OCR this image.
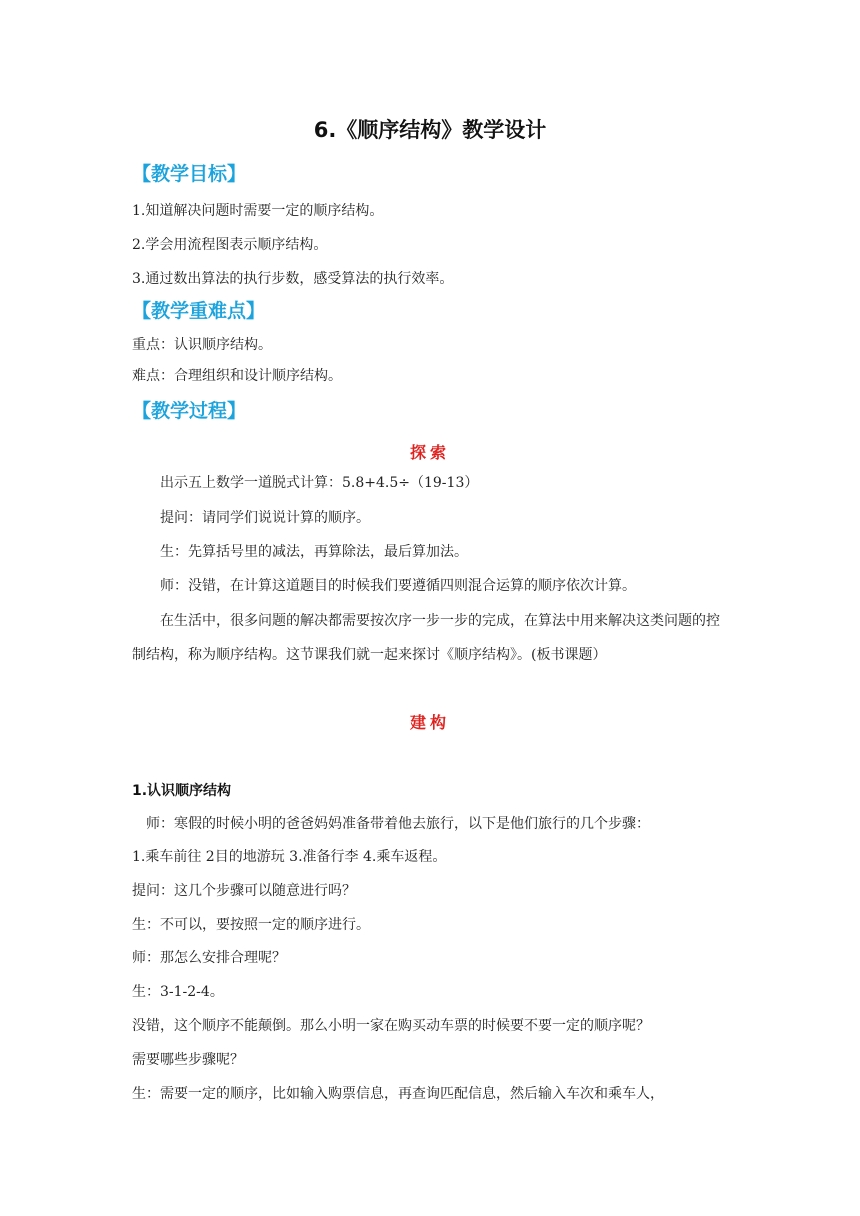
6.《顺序结构》教学设计
【教学目标】
1.知道解决问题时需要一定的顺序结构。
2.学会用流程图表示顺序结构。
3.通过数出算法的执行步数，感受算法的执行效率。
【教学重难点】
重点：认识顺序结构。
难点：合理组织和设计顺序结构。
【教学过程】
探索
出示五上数学一道脱式计算：5.8+4.5÷（19-13）
提问：请同学们说说计算的顺序。
生：先算括号里的减法，再算除法，最后算加法。
师：没错，在计算这道题目的时候我们要遵循四则混合运算的顺序依次计算。
在生活中，很多问题的解决都需要按次序一步一步的完成，在算法中用来解决这类问题的控制结构，称为顺序结构。这节课我们就一起来探讨《顺序结构》。(板书课题）
建构
1.认识顺序结构
师：寒假的时候小明的爸爸妈妈准备带着他去旅行，以下是他们旅行的几个步骤：
1.乘车前往 2目的地游玩 3.准备行李 4.乘车返程。
提问：这几个步骤可以随意进行吗？
生：不可以，要按照一定的顺序进行。
师：那怎么安排合理呢？
生：3-1-2-4。
没错，这个顺序不能颠倒。那么小明一家在购买动车票的时候要不要一定的顺序呢？
需要哪些步骤呢？
生：需要一定的顺序，比如输入购票信息，再查询匹配信息，然后输入车次和乘车人，
